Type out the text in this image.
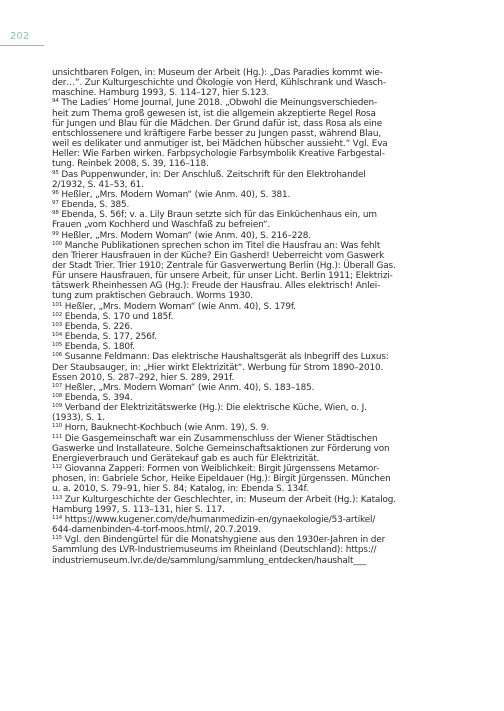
202

unsichtbaren Folgen, in: Museum der Arbeit (Hg.): „Das Paradies kommt wie-
der…“. Zur Kulturgeschichte und Ökologie von Herd, Kühlschrank und Wasch-
maschine. Hamburg 1993, S. 114–127, hier S.123.

$^{94}$ The Ladies’ Home Journal, June 2018. „Obwohl die Meinungsverschieden-
heit zum Thema groß gewesen ist, ist die allgemein akzeptierte Regel Rosa
für Jungen und Blau für die Mädchen. Der Grund dafür ist, dass Rosa als eine
entschlossenere und kräftigere Farbe besser zu Jungen passt, während Blau,
weil es delikater und anmutiger ist, bei Mädchen hübscher aussieht.“ Vgl. Eva
Heller: Wie Farben wirken. Farbpsychologie Farbsymbolik Kreative Farbgestal-
tung. Reinbek 2008, S. 39, 116–118.

$^{95}$ Das Puppenwunder, in: Der Anschluß. Zeitschrift für den Elektrohandel
2/1932, S. 41–53, 61.

$^{96}$ Heßler, „Mrs. Modern Woman“ (wie Anm. 40), S. 381.

$^{97}$ Ebenda, S. 385.

$^{98}$ Ebenda, S. 56f; v. a. Lily Braun setzte sich für das Einküchenhaus ein, um
Frauen „vom Kochherd und Waschfaß zu befreien“.

$^{99}$ Heßler, „Mrs. Modern Woman“ (wie Anm. 40), S. 216–228.

$^{100}$ Manche Publikationen sprechen schon im Titel die Hausfrau an: Was fehlt
den Trierer Hausfrauen in der Küche? Ein Gasherd! Ueberreicht vom Gaswerk
der Stadt Trier. Trier 1910; Zentrale für Gasverwertung Berlin (Hg.): Überall Gas.
Für unsere Hausfrauen, für unsere Arbeit, für unser Licht. Berlin 1911; Elektrizi-
tätswerk Rheinhessen AG (Hg.): Freude der Hausfrau. Alles elektrisch! Anlei-
tung zum praktischen Gebrauch. Worms 1930.

$^{101}$ Heßler, „Mrs. Modern Woman“ (wie Anm. 40), S. 179f.

$^{102}$ Ebenda, S. 170 und 185f.

$^{103}$ Ebenda, S. 226.

$^{104}$ Ebenda, S. 177, 256f.

$^{105}$ Ebenda, S. 180f.

$^{106}$ Susanne Feldmann: Das elektrische Haushaltsgerät als Inbegriff des Luxus:
Der Staubsauger, in: „Hier wirkt Elektrizität“. Werbung für Strom 1890–2010.
Essen 2010, S. 287–292, hier S. 289, 291f.

$^{107}$ Heßler, „Mrs. Modern Woman“ (wie Anm. 40), S. 183–185.

$^{108}$ Ebenda, S. 394.

$^{109}$ Verband der Elektrizitätswerke (Hg.): Die elektrische Küche, Wien, o. J.
(1933), S. 1.

$^{110}$ Horn, Bauknecht-Kochbuch (wie Anm. 19), S. 9.

$^{111}$ Die Gasgemeinschaft war ein Zusammenschluss der Wiener Städtischen
Gaswerke und Installateure. Solche Gemeinschaftsaktionen zur Förderung von
Energieverbrauch und Gerätekauf gab es auch für Elektrizität.

$^{112}$ Giovanna Zapperi: Formen von Weiblichkeit: Birgit Jürgenssens Metamor-
phosen, in: Gabriele Schor, Heike Eipeldauer (Hg.): Birgit Jürgenssen. München
u. a. 2010, S. 79–91, hier S. 84; Katalog, in: Ebenda S. 134f.

$^{113}$ Zur Kulturgeschichte der Geschlechter, in: Museum der Arbeit (Hg.): Katalog.
Hamburg 1997, S. 113–131, hier S. 117.

$^{114}$ https://www.kugener.com/de/humanmedizin-en/gynaekologie/53-artikel/
644-damenbinden-4-torf-moos.html/, 20.7.2019.

$^{115}$ Vgl. den Bindengürtel für die Monatshygiene aus den 1930er-Jahren in der
Sammlung des LVR-Industriemuseums im Rheinland (Deutschland): https://
industriemuseum.lvr.de/de/sammlung/sammlung_entdecken/haushalt___
